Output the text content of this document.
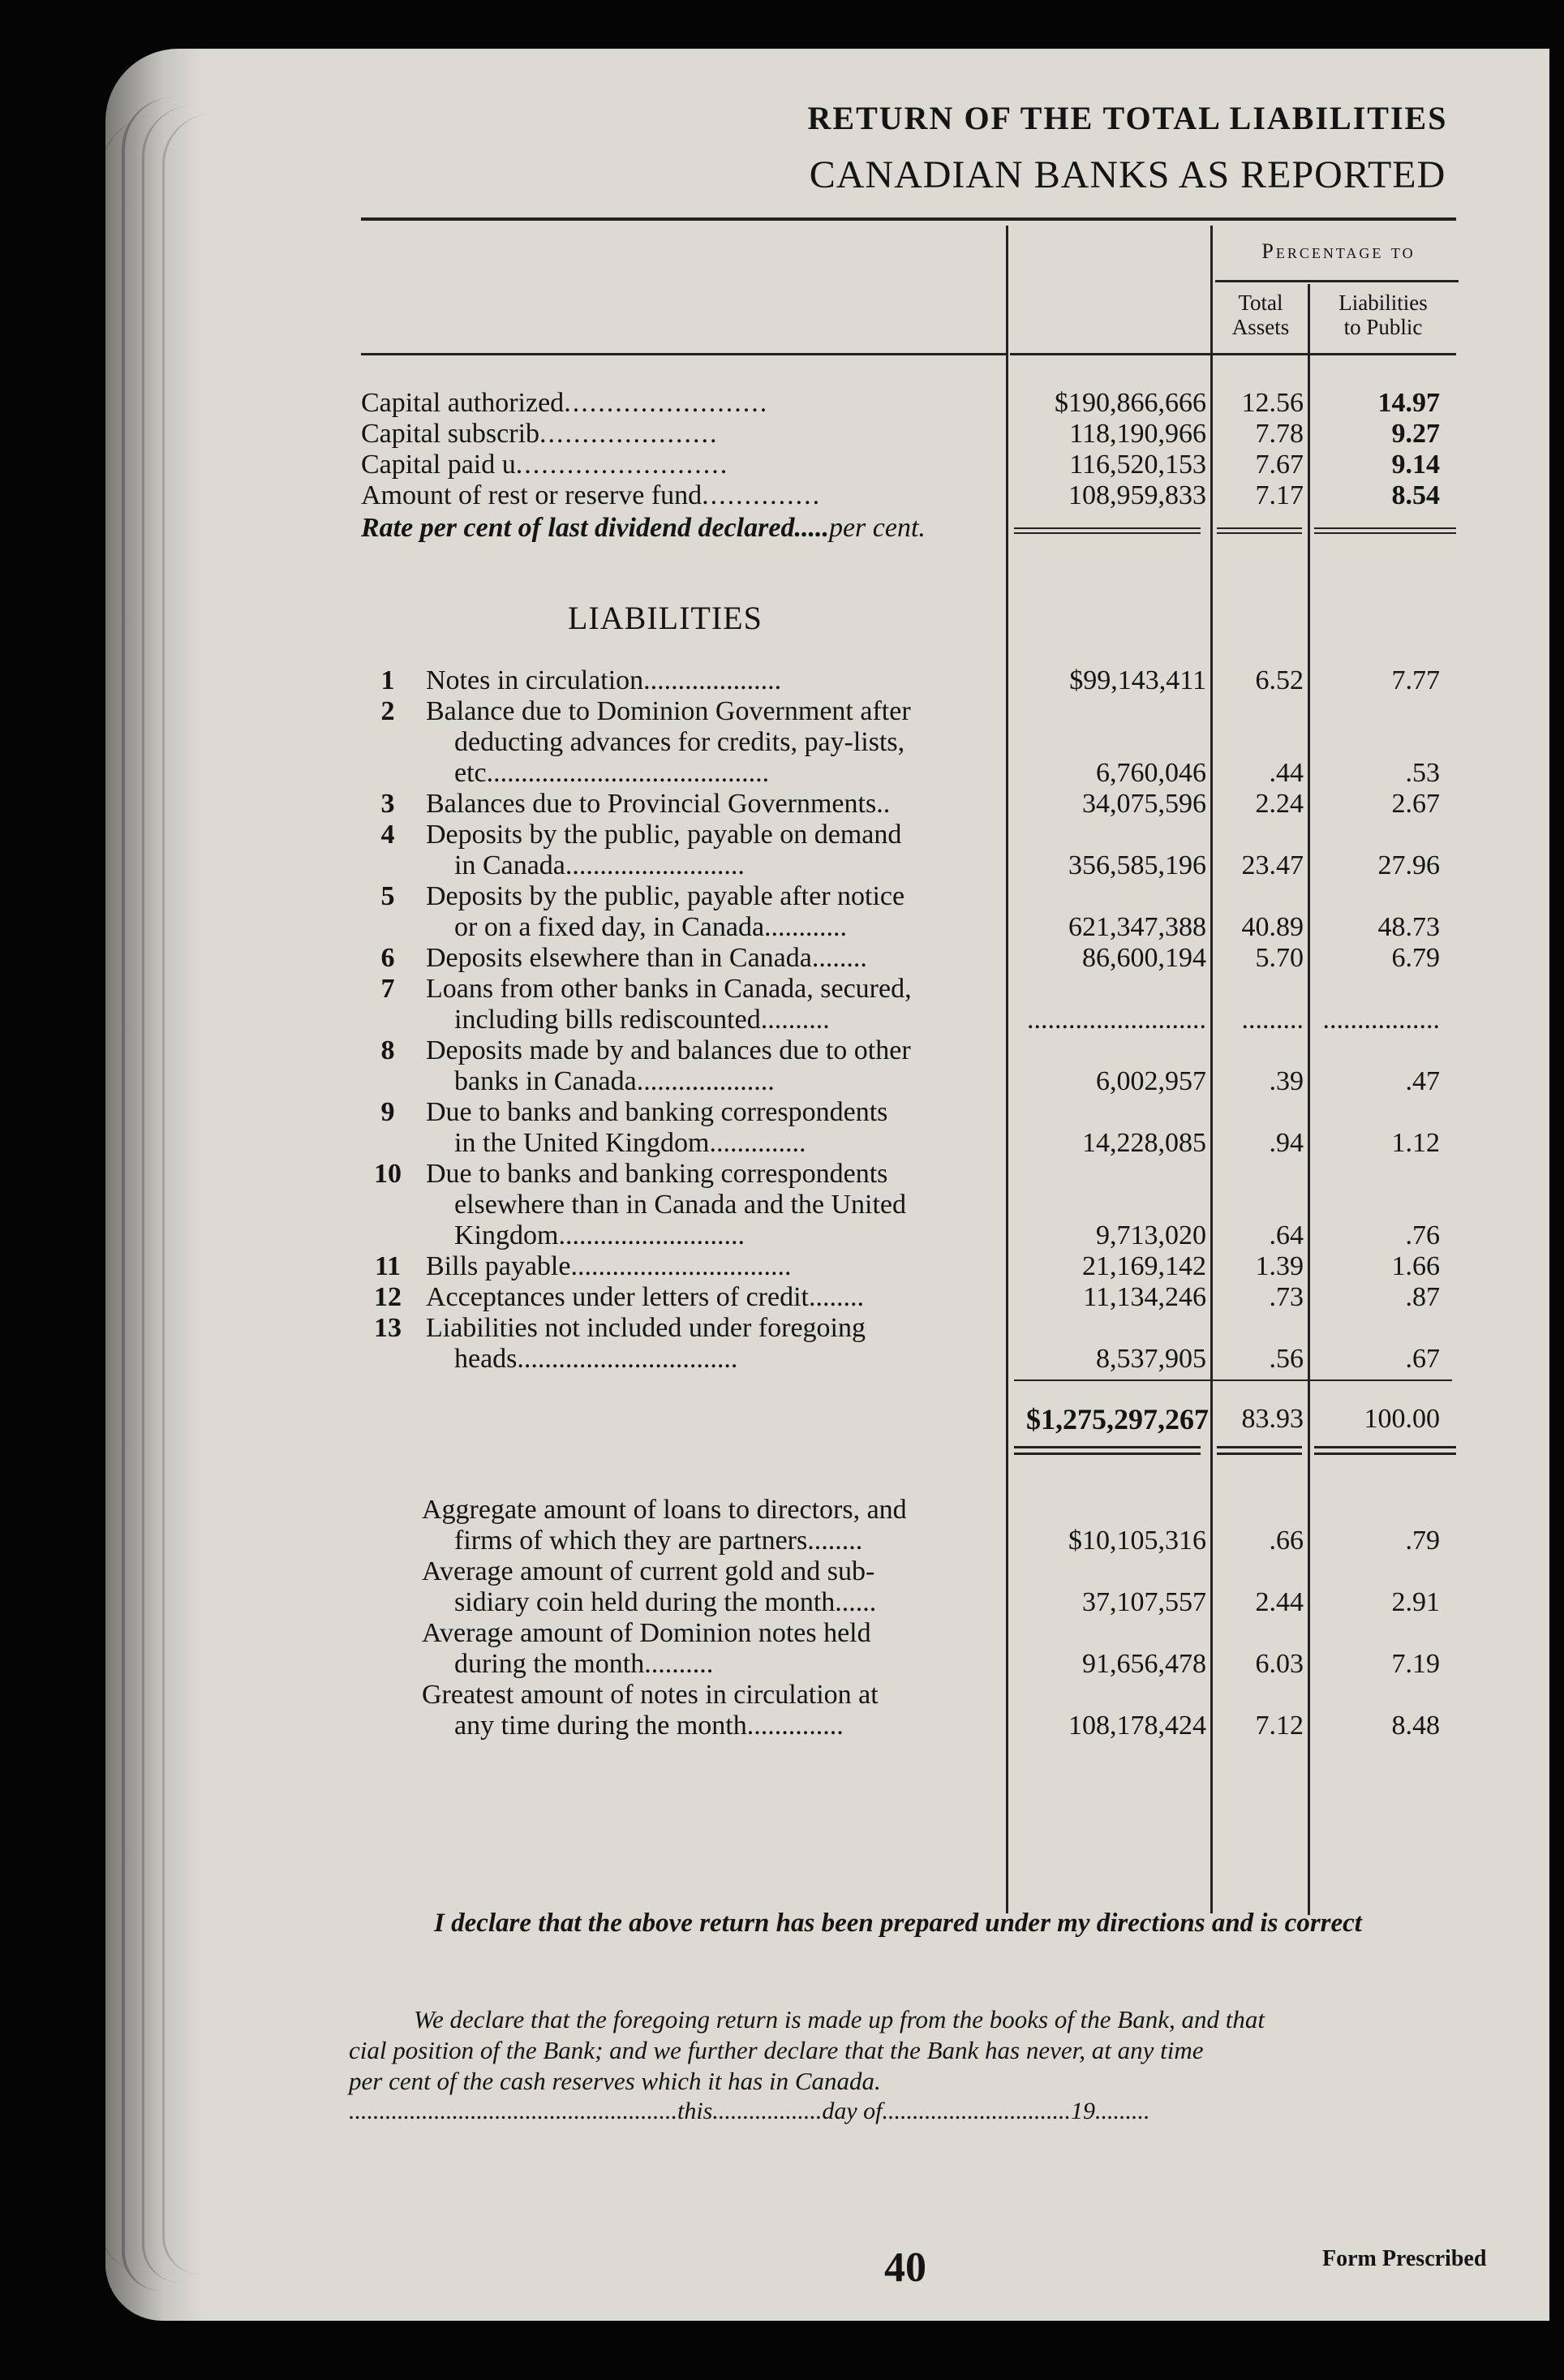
RETURN OF THE TOTAL LIABILITIES
CANADIAN BANKS AS REPORTED
Percentage to
Total
Assets
Liabilities
to Public
Capital authorized........................	$190,866,666	12.56	14.97
Capital subscrib.....................	118,190,966	7.78	9.27
Capital paid u.........................	116,520,153	7.67	9.14
Amount of rest or reserve fund..............	108,959,833	7.17	8.54
Rate per cent of last dividend declared.....per cent.
LIABILITIES
1	Notes in circulation....................	$99,143,411	6.52	7.77
2	Balance due to Dominion Government after
deducting advances for credits, pay-lists,
etc.........................................	6,760,046	.44	.53
3	Balances due to Provincial Governments..	34,075,596	2.24	2.67
4	Deposits by the public, payable on demand
in Canada..........................	356,585,196	23.47	27.96
5	Deposits by the public, payable after notice
or on a fixed day, in Canada............	621,347,388	40.89	48.73
6	Deposits elsewhere than in Canada........	86,600,194	5.70	6.79
7	Loans from other banks in Canada, secured,
including bills rediscounted..........	..........................	......... .................
8	Deposits made by and balances due to other
banks in Canada....................	6,002,957	.39	.47
9	Due to banks and banking correspondents
in the United Kingdom..............	14,228,085	.94	1.12
10 Due to banks and banking correspondents
elsewhere than in Canada and the United
Kingdom...........................	9,713,020	.64	.76
11 Bills payable................................	21,169,142	1.39	1.66
12 Acceptances under letters of credit........	11,134,246	.73	.87
13 Liabilities not included under foregoing
heads................................	8,537,905	.56	.67
$1,275,297,267	83.93	100.00
Aggregate amount of loans to directors, and
firms of which they are partners........	$10,105,316	.66	.79
Average amount of current gold and sub-
sidiary coin held during the month......	37,107,557	2.44	2.91
Average amount of Dominion notes held
during the month..........	91,656,478	6.03	7.19
Greatest amount of notes in circulation at
any time during the month..............	108,178,424	7.12	8.48
I declare that the above return has been prepared under my directions and is correct
We declare that the foregoing return is made up from the books of the Bank, and that
cial position of the Bank; and we further declare that the Bank has never, at any time
per cent of the cash reserves which it has in Canada.
......................................................this..................day of...............................19.........
40	Form Prescribed
